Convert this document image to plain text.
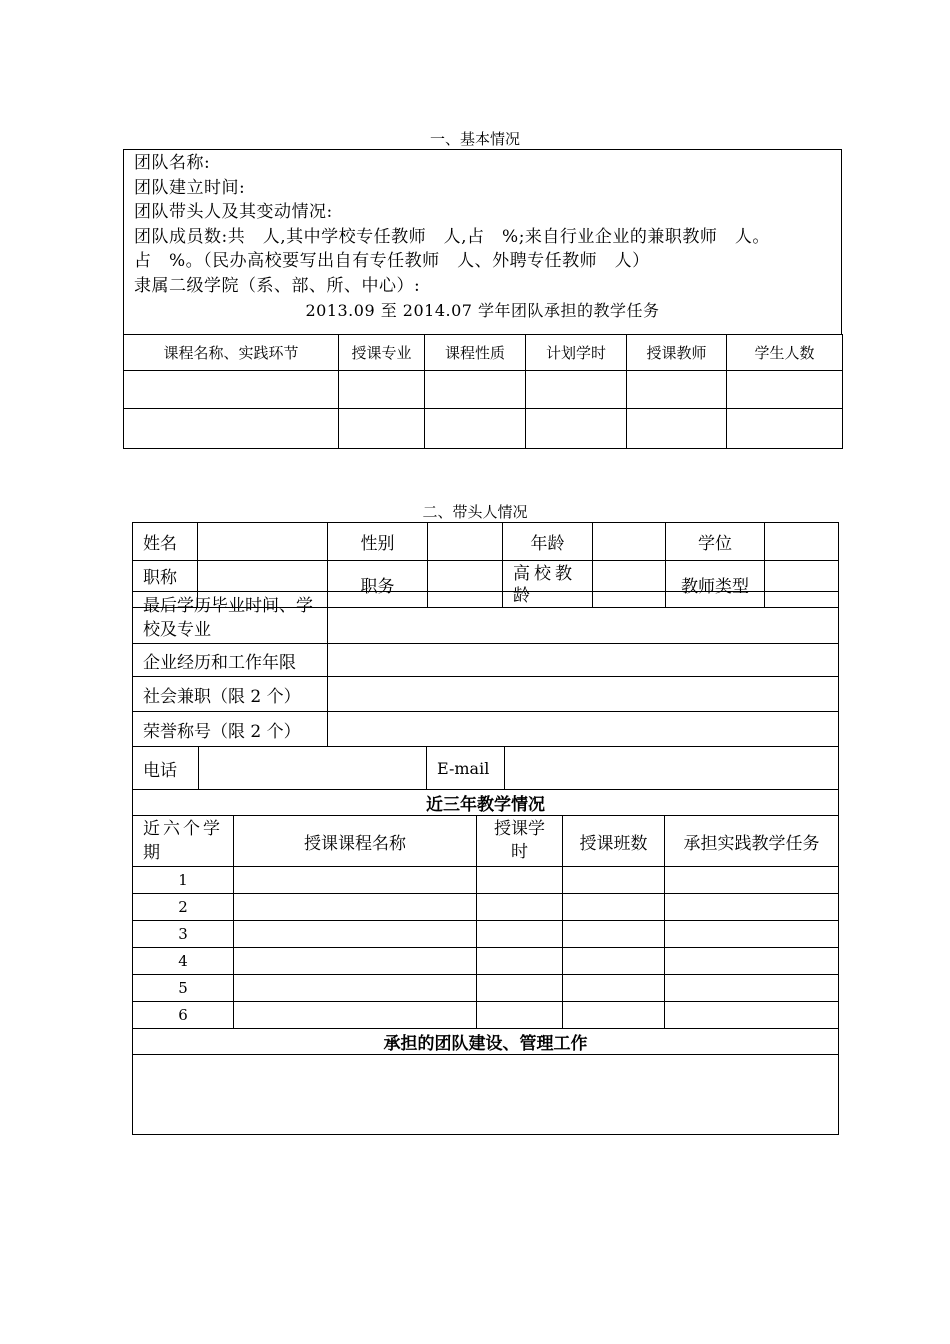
一、基本情况
团队名称:
团队建立时间:
团队带头人及其变动情况:
团队成员数:共　人,其中学校专任教师　人,占　%;来自行业企业的兼职教师　人。
占　%。（民办高校要写出自有专任教师　人、外聘专任教师　人）
隶属二级学院（系、部、所、中心）:
2013.09 至 2014.07 学年团队承担的教学任务
课程名称、实践环节	授课专业	课程性质	计划学时	授课教师	学生人数

二、带头人情况
姓名		性别		年龄		学位	
职称		职务		高校教龄		教师类型	
最后学历毕业时间、学校及专业	
企业经历和工作年限	
社会兼职（限 2 个）	
荣誉称号（限 2 个）	
电话		E-mail	
近三年教学情况				
近六个学期	授课课程名称	授课学时	授课班数	承担实践教学任务
1				
2				
3				
4				
5				
6				
承担的团队建设、管理工作				
